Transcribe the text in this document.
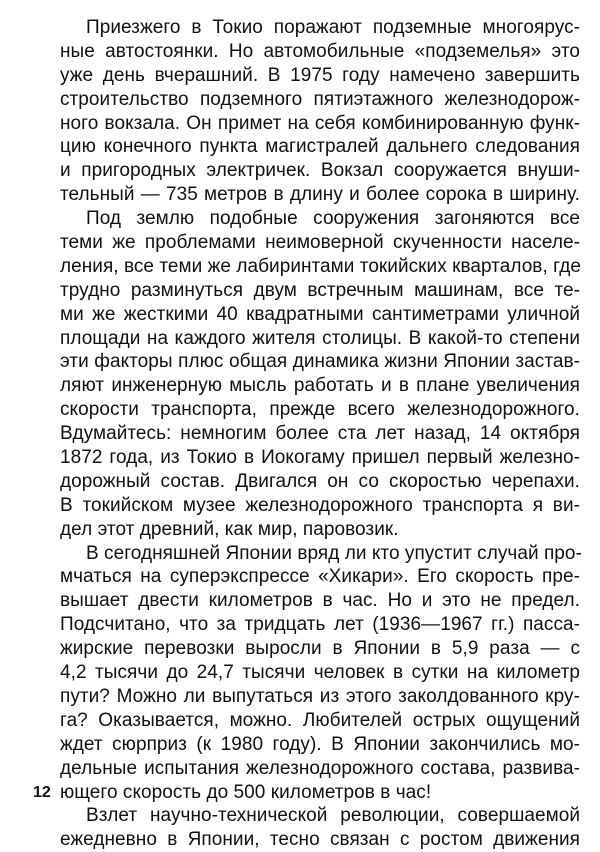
Приезжего в Токио поражают подземные многоярус-
ные автостоянки. Но автомобильные «подземелья» это
уже день вчерашний. В 1975 году намечено завершить
строительство подземного пятиэтажного железнодорож-
ного вокзала. Он примет на себя комбинированную функ-
цию конечного пункта магистралей дальнего следования
и пригородных электричек. Вокзал сооружается внуши-
тельный — 735 метров в длину и более сорока в ширину.
Под землю подобные сооружения загоняются все
теми же проблемами неимоверной скученности населе-
ления, все теми же лабиринтами токийских кварталов, где
трудно разминуться двум встречным машинам, все те-
ми же жесткими 40 квадратными сантиметрами уличной
площади на каждого жителя столицы. В какой-то степени
эти факторы плюс общая динамика жизни Японии застав-
ляют инженерную мысль работать и в плане увеличения
скорости транспорта, прежде всего железнодорожного.
Вдумайтесь: немногим более ста лет назад, 14 октября
1872 года, из Токио в Иокогаму пришел первый железно-
дорожный состав. Двигался он со скоростью черепахи.
В токийском музее железнодорожного транспорта я ви-
дел этот древний, как мир, паровозик.
В сегодняшней Японии вряд ли кто упустит случай про-
мчаться на суперэкспрессе «Хикари». Его скорость пре-
вышает двести километров в час. Но и это не предел.
Подсчитано, что за тридцать лет (1936—1967 гг.) пасса-
жирские перевозки выросли в Японии в 5,9 раза — с
4,2 тысячи до 24,7 тысячи человек в сутки на километр
пути? Можно ли выпутаться из этого заколдованного кру-
га? Оказывается, можно. Любителей острых ощущений
ждет сюрприз (к 1980 году). В Японии закончились мо-
дельные испытания железнодорожного состава, развива-
ющего скорость до 500 километров в час!
Взлет научно-технической революции, совершаемой
ежедневно в Японии, тесно связан с ростом движения
12
